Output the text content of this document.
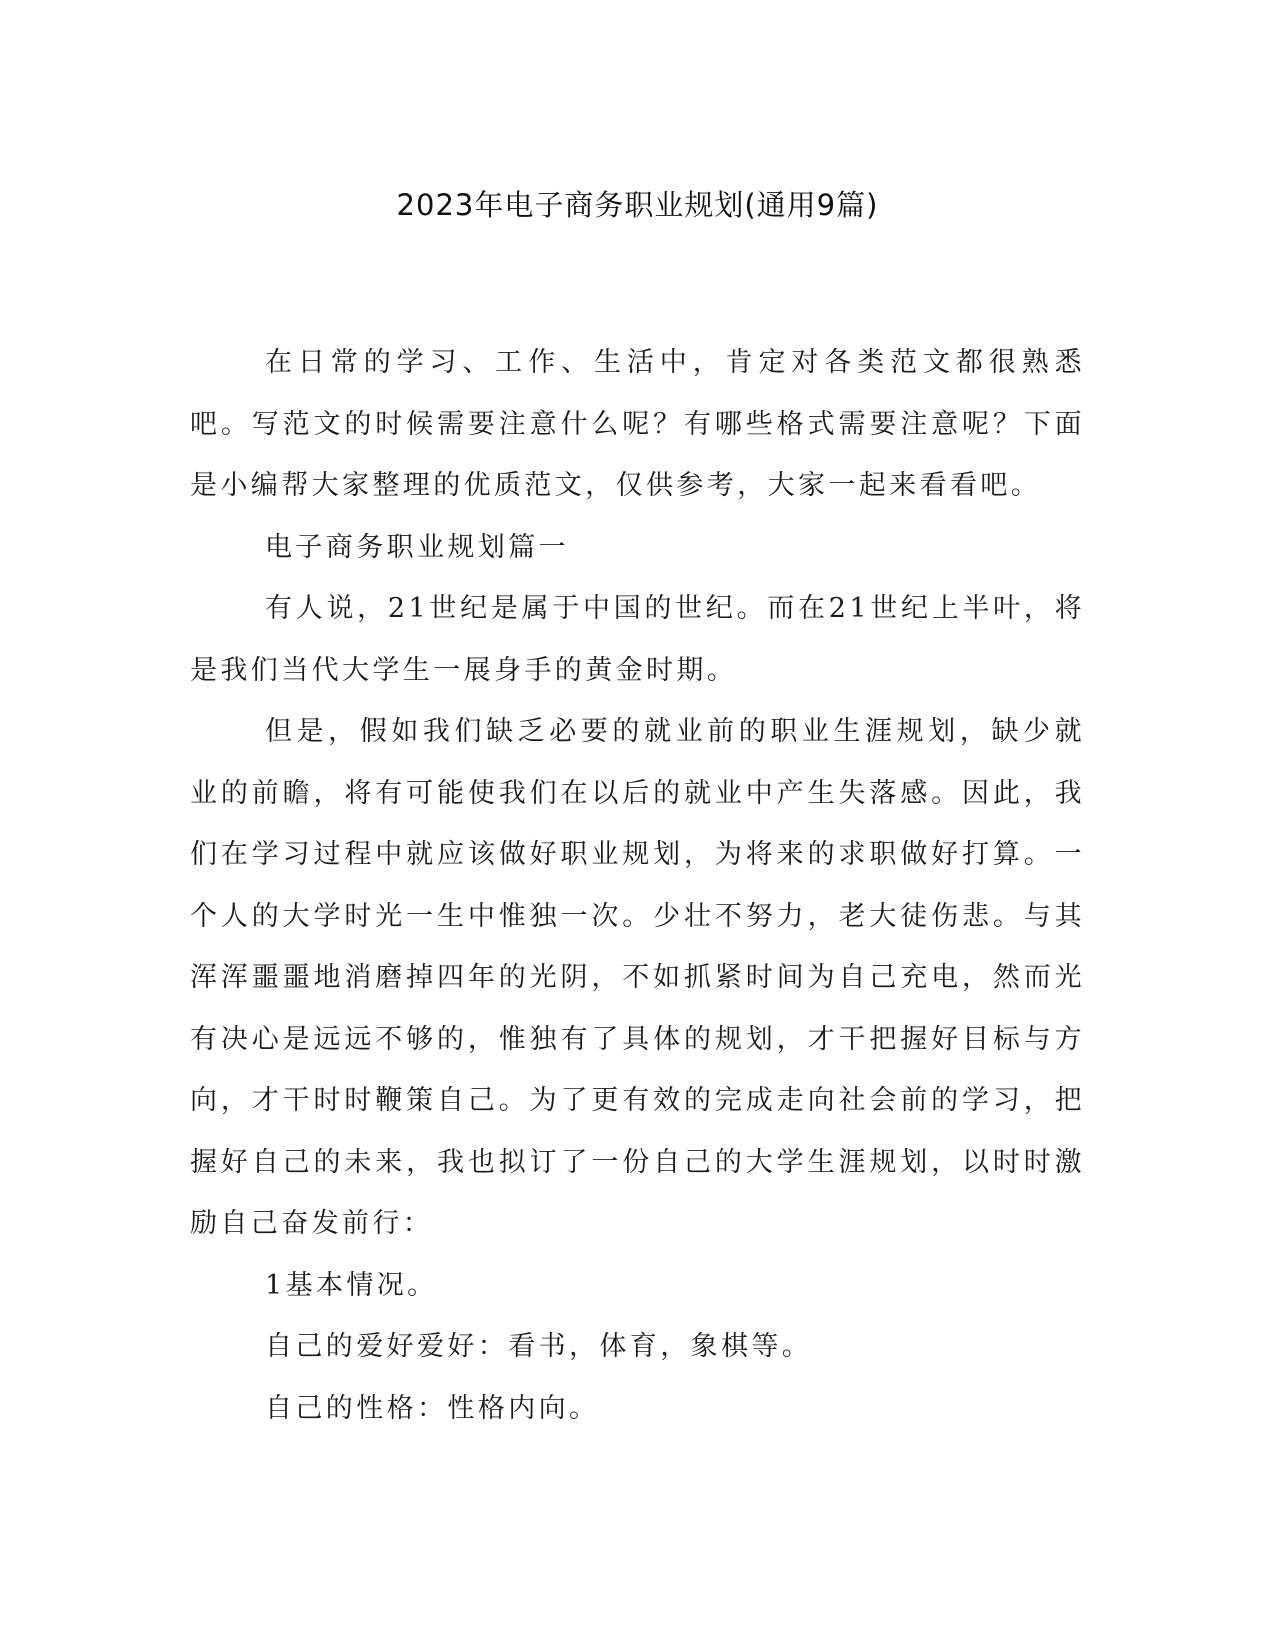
2023年电子商务职业规划(通用9篇)

在日常的学习、工作、生活中，肯定对各类范文都很熟悉吧。写范文的时候需要注意什么呢？有哪些格式需要注意呢？下面是小编帮大家整理的优质范文，仅供参考，大家一起来看看吧。

电子商务职业规划篇一

有人说，21世纪是属于中国的世纪。而在21世纪上半叶，将是我们当代大学生一展身手的黄金时期。

但是，假如我们缺乏必要的就业前的职业生涯规划，缺少就业的前瞻，将有可能使我们在以后的就业中产生失落感。因此，我们在学习过程中就应该做好职业规划，为将来的求职做好打算。一个人的大学时光一生中惟独一次。少壮不努力，老大徒伤悲。与其浑浑噩噩地消磨掉四年的光阴，不如抓紧时间为自己充电，然而光有决心是远远不够的，惟独有了具体的规划，才干把握好目标与方向，才干时时鞭策自己。为了更有效的完成走向社会前的学习，把握好自己的未来，我也拟订了一份自己的大学生涯规划，以时时激励自己奋发前行：

1基本情况。

自己的爱好爱好：看书，体育，象棋等。

自己的性格：性格内向。
